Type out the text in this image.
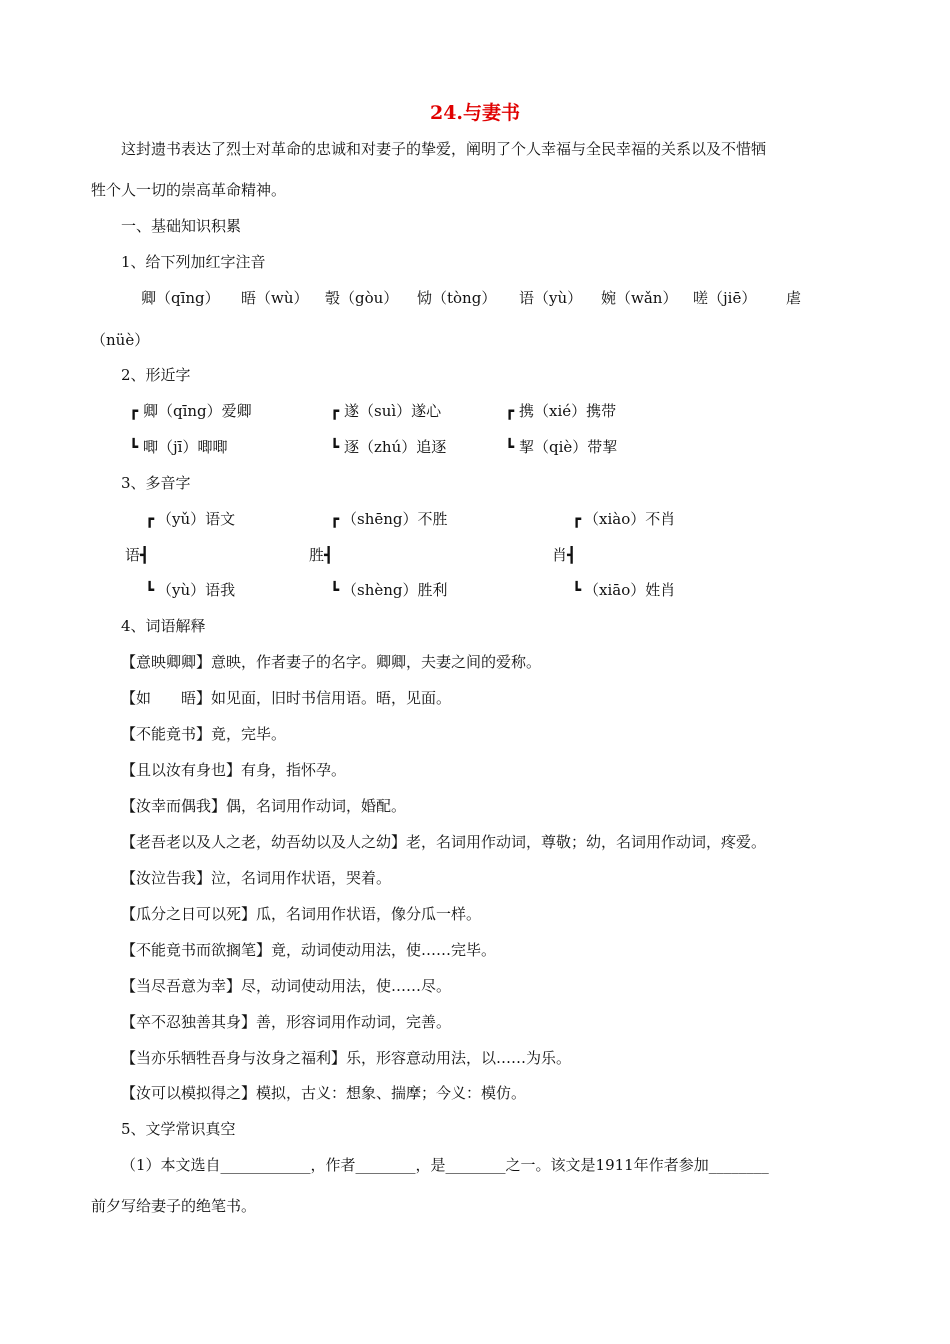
24.与妻书
这封遗书表达了烈士对革命的忠诚和对妻子的挚爱，阐明了个人幸福与全民幸福的关系以及不惜牺
牲个人一切的崇高革命精神。
一、基础知识积累
1、给下列加红字注音
卿（qīng） 晤（wù） 彀（gòu） 恸（tòng） 语（yù） 婉（wǎn） 嗟（jiē） 虐
（nüè）
2、形近字
┏ 卿（qīng）爱卿
┗ 唧（jī）唧唧
┏ 遂（suì）遂心
┗ 逐（zhú）追逐
┏ 携（xié）携带
┗ 挈（qiè）带挈
3、多音字
┏ （yǔ）语文
语 ┫
┗ （yù）语我
┏ （shēng）不胜
胜 ┫
┗ （shèng）胜利
┏ （xiào）不肖
肖 ┫
┗ （xiāo）姓肖
4、词语解释
【意映卿卿】意映，作者妻子的名字。卿卿，夫妻之间的爱称。
【如　　晤】如见面，旧时书信用语。晤，见面。
【不能竟书】竟，完毕。
【且以汝有身也】有身，指怀孕。
【汝幸而偶我】偶，名词用作动词，婚配。
【老吾老以及人之老，幼吾幼以及人之幼】老，名词用作动词，尊敬；幼，名词用作动词，疼爱。
【汝泣告我】泣，名词用作状语，哭着。
【瓜分之日可以死】瓜，名词用作状语，像分瓜一样。
【不能竟书而欲搁笔】竟，动词使动用法，使……完毕。
【当尽吾意为幸】尽，动词使动用法，使……尽。
【卒不忍独善其身】善，形容词用作动词，完善。
【当亦乐牺牲吾身与汝身之福利】乐，形容意动用法，以……为乐。
【汝可以模拟得之】模拟，古义：想象、揣摩；今义：模仿。
5、文学常识真空
（1）本文选自____________，作者________，是________之一。该文是1911年作者参加________
前夕写给妻子的绝笔书。
